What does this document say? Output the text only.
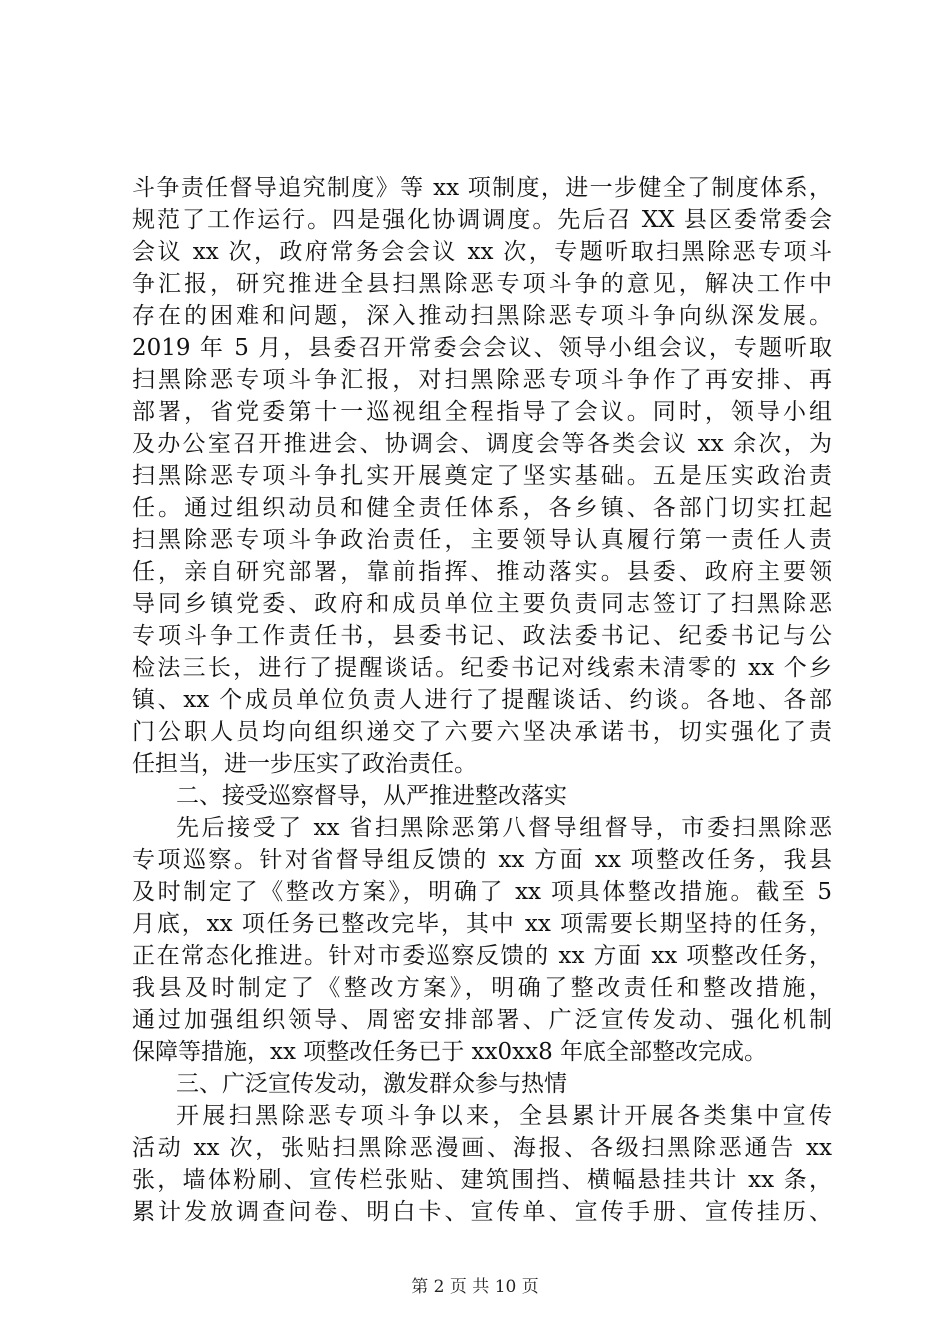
斗争责任督导追究制度》等 xx 项制度，进一步健全了制度体系，
规范了工作运行。四是强化协调调度。先后召 XX 县区委常委会
会议 xx 次，政府常务会会议 xx 次，专题听取扫黑除恶专项斗
争汇报，研究推进全县扫黑除恶专项斗争的意见，解决工作中
存在的困难和问题，深入推动扫黑除恶专项斗争向纵深发展。
2019 年 5 月，县委召开常委会会议、领导小组会议，专题听取
扫黑除恶专项斗争汇报，对扫黑除恶专项斗争作了再安排、再
部署，省党委第十一巡视组全程指导了会议。同时，领导小组
及办公室召开推进会、协调会、调度会等各类会议 xx 余次，为
扫黑除恶专项斗争扎实开展奠定了坚实基础。五是压实政治责
任。通过组织动员和健全责任体系，各乡镇、各部门切实扛起
扫黑除恶专项斗争政治责任，主要领导认真履行第一责任人责
任，亲自研究部署，靠前指挥、推动落实。县委、政府主要领
导同乡镇党委、政府和成员单位主要负责同志签订了扫黑除恶
专项斗争工作责任书，县委书记、政法委书记、纪委书记与公
检法三长，进行了提醒谈话。纪委书记对线索未清零的 xx 个乡
镇、xx 个成员单位负责人进行了提醒谈话、约谈。各地、各部
门公职人员均向组织递交了六要六坚决承诺书，切实强化了责
任担当，进一步压实了政治责任。
二、接受巡察督导，从严推进整改落实
先后接受了 xx 省扫黑除恶第八督导组督导，市委扫黑除恶
专项巡察。针对省督导组反馈的 xx 方面 xx 项整改任务，我县
及时制定了《整改方案》，明确了 xx 项具体整改措施。截至 5
月底，xx 项任务已整改完毕，其中 xx 项需要长期坚持的任务，
正在常态化推进。针对市委巡察反馈的 xx 方面 xx 项整改任务，
我县及时制定了《整改方案》，明确了整改责任和整改措施，
通过加强组织领导、周密安排部署、广泛宣传发动、强化机制
保障等措施，xx 项整改任务已于 xx0xx8 年底全部整改完成。
三、广泛宣传发动，激发群众参与热情
开展扫黑除恶专项斗争以来，全县累计开展各类集中宣传
活动 xx 次，张贴扫黑除恶漫画、海报、各级扫黑除恶通告 xx
张，墙体粉刷、宣传栏张贴、建筑围挡、横幅悬挂共计 xx 条，
累计发放调查问卷、明白卡、宣传单、宣传手册、宣传挂历、
第 2 页 共 10 页
